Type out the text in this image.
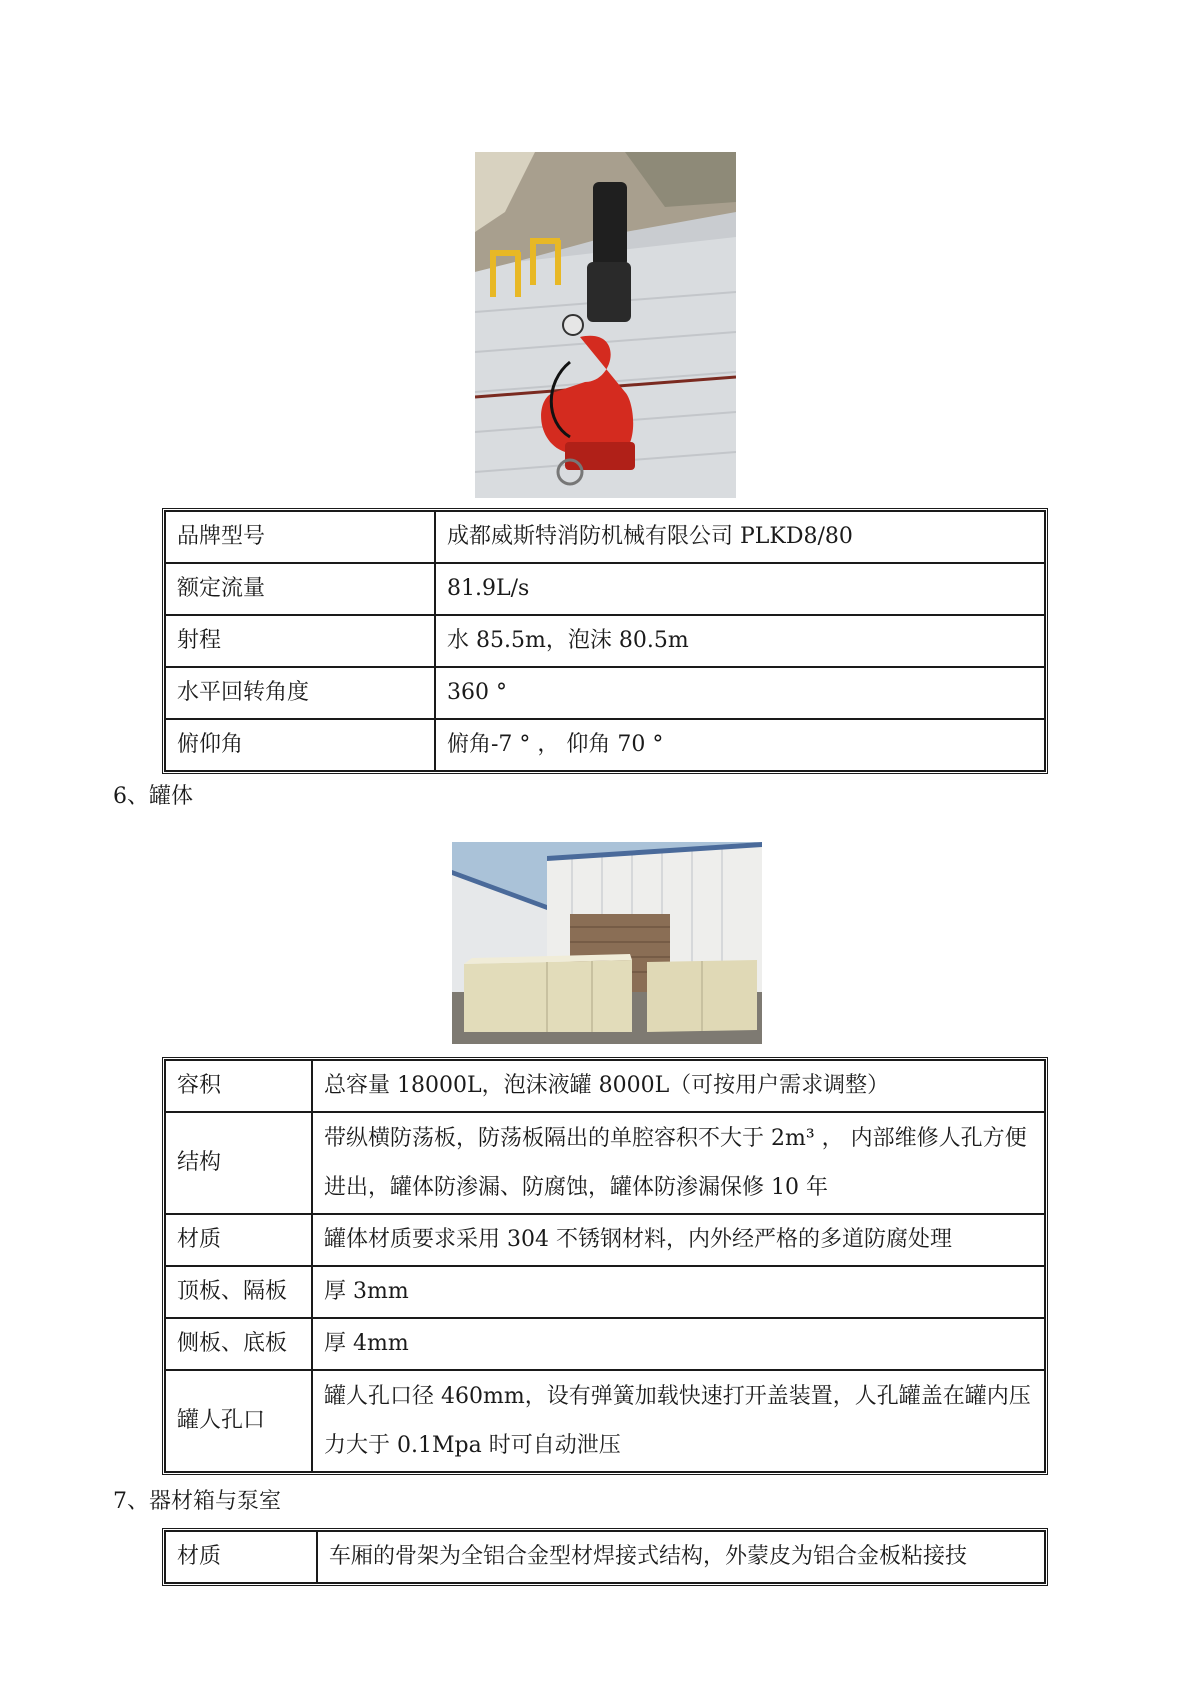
品牌型号	成都威斯特消防机械有限公司 PLKD8/80
额定流量	81.9L/s
射程	水 85.5m，泡沫 80.5m
水平回转角度	360 °
俯仰角	俯角-7 ° ， 仰角 70 °
6、罐体
容积	总容量 18000L，泡沫液罐 8000L（可按用户需求调整）
结构	带纵横防荡板，防荡板隔出的单腔容积不大于 2m³ ， 内部维修人孔方便进出，罐体防渗漏、防腐蚀，罐体防渗漏保修 10 年
材质	罐体材质要求采用 304 不锈钢材料，内外经严格的多道防腐处理
顶板、隔板	厚 3mm
侧板、底板	厚 4mm
罐人孔口	罐人孔口径 460mm，设有弹簧加载快速打开盖装置，人孔罐盖在罐内压力大于 0.1Mpa 时可自动泄压
7、器材箱与泵室
材质	车厢的骨架为全铝合金型材焊接式结构，外蒙皮为铝合金板粘接技
